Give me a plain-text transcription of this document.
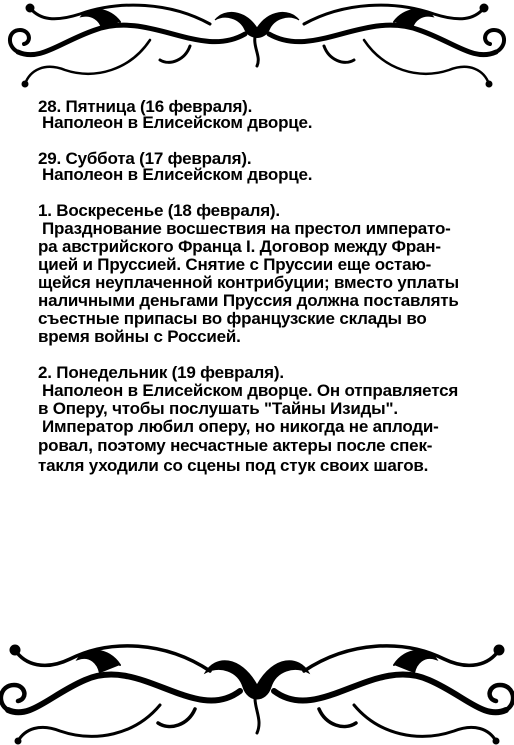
28. Пятница (16 февраля).
Наполеон в Елисейском дворце.

29. Суббота (17 февраля).
Наполеон в Елисейском дворце.

1. Воскресенье (18 февраля).
Празднование восшествия на престол императо-
ра австрийского Франца I. Договор между Фран-
цией и Пруссией. Снятие с Пруссии еще остаю-
щейся неуплаченной контрибуции; вместо уплаты
наличными деньгами Пруссия должна поставлять
съестные припасы во французские склады во
время войны с Россией.

2. Понедельник (19 февраля).
Наполеон в Елисейском дворце. Он отправляется
в Оперу, чтобы послушать "Тайны Изиды".
Император любил оперу, но никогда не аплоди-
ровал, поэтому несчастные актеры после спек-
такля уходили со сцены под стук своих шагов.
